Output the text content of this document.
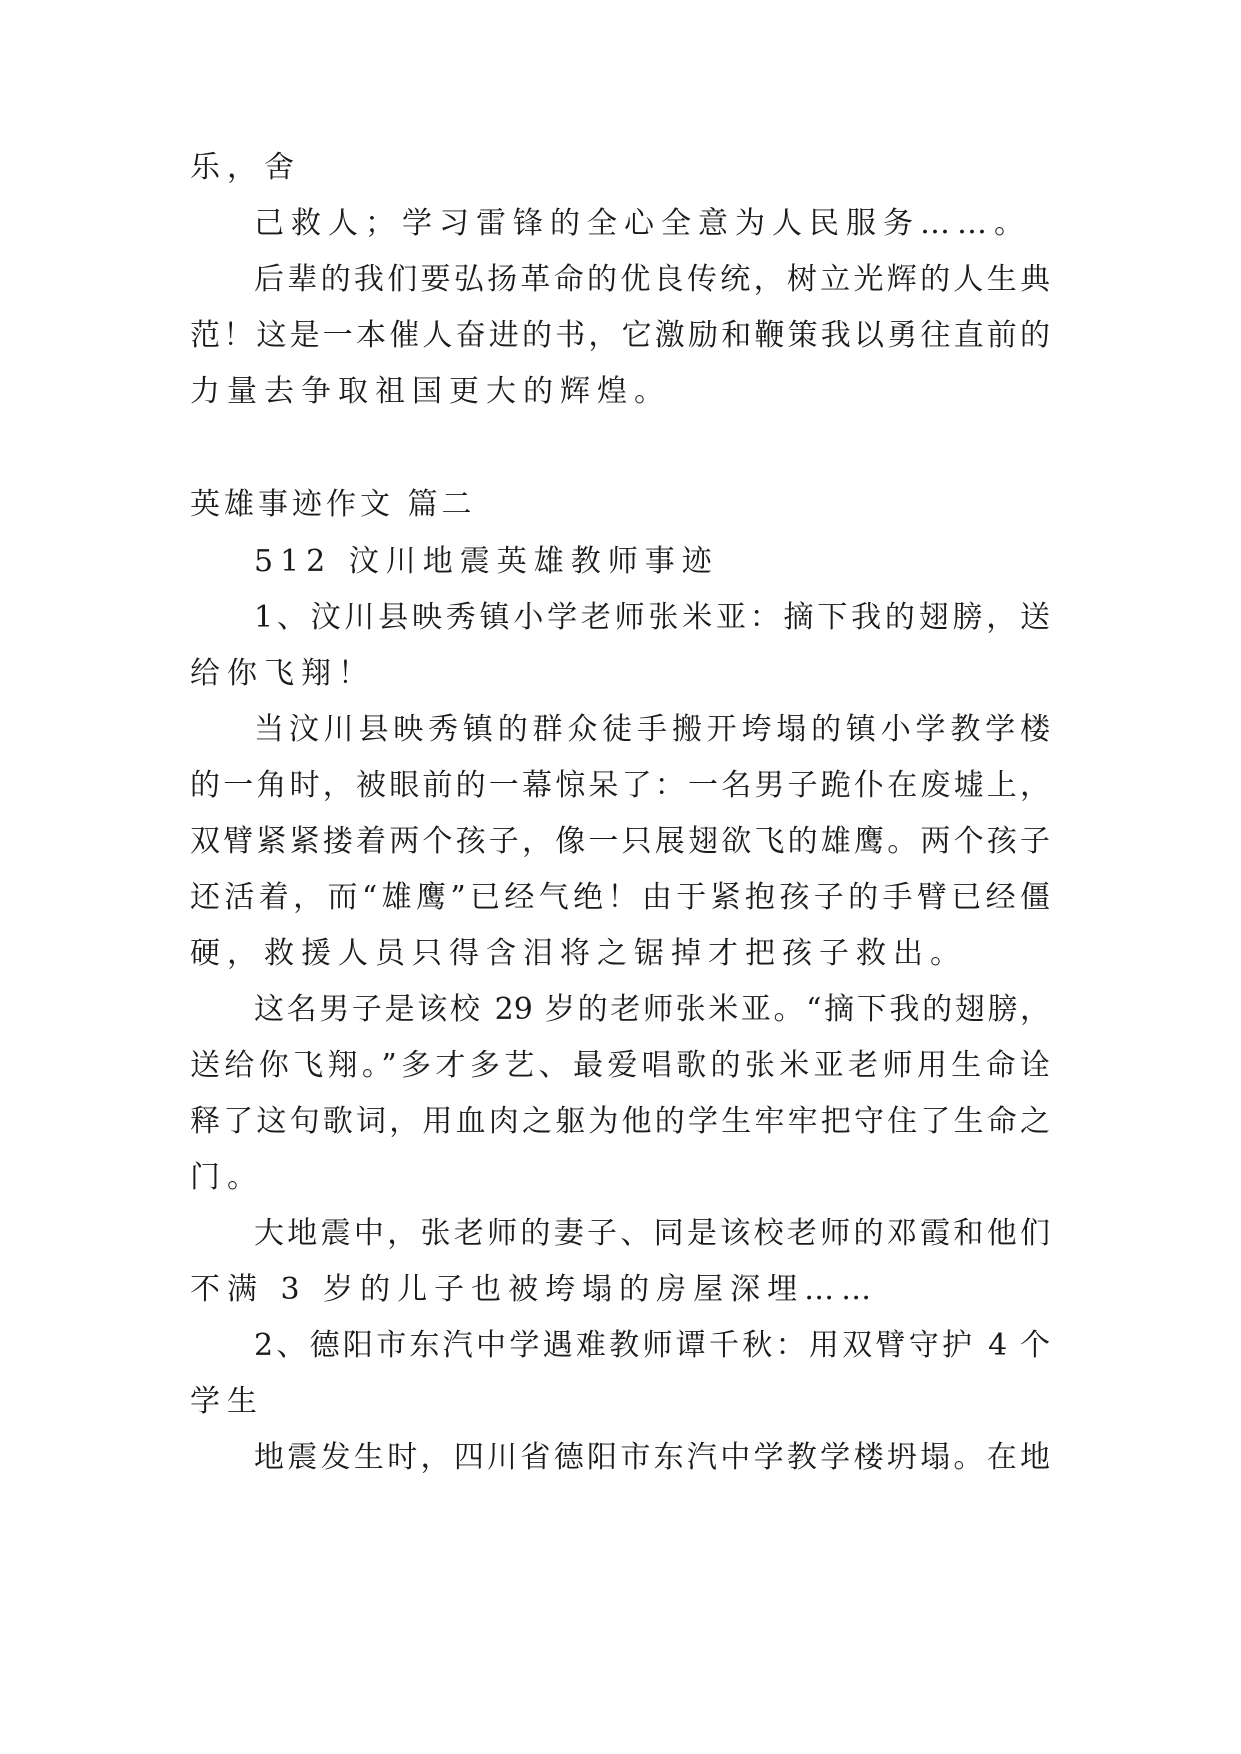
乐，舍
己救人；学习雷锋的全心全意为人民服务……。
后辈的我们要弘扬革命的优良传统，树立光辉的人生典
范！这是一本催人奋进的书，它激励和鞭策我以勇往直前的
力量去争取祖国更大的辉煌。
英雄事迹作文 篇二
512 汶川地震英雄教师事迹
1、汶川县映秀镇小学老师张米亚：摘下我的翅膀，送
给你飞翔！
当汶川县映秀镇的群众徒手搬开垮塌的镇小学教学楼
的一角时，被眼前的一幕惊呆了：一名男子跪仆在废墟上，
双臂紧紧搂着两个孩子，像一只展翅欲飞的雄鹰。两个孩子
还活着，而“雄鹰”已经气绝！由于紧抱孩子的手臂已经僵
硬，救援人员只得含泪将之锯掉才把孩子救出。
这名男子是该校 29 岁的老师张米亚。“摘下我的翅膀，
送给你飞翔。”多才多艺、最爱唱歌的张米亚老师用生命诠
释了这句歌词，用血肉之躯为他的学生牢牢把守住了生命之
门。
大地震中，张老师的妻子、同是该校老师的邓霞和他们
不满 3 岁的儿子也被垮塌的房屋深埋……
2、德阳市东汽中学遇难教师谭千秋：用双臂守护 4 个
学生
地震发生时，四川省德阳市东汽中学教学楼坍塌。在地
